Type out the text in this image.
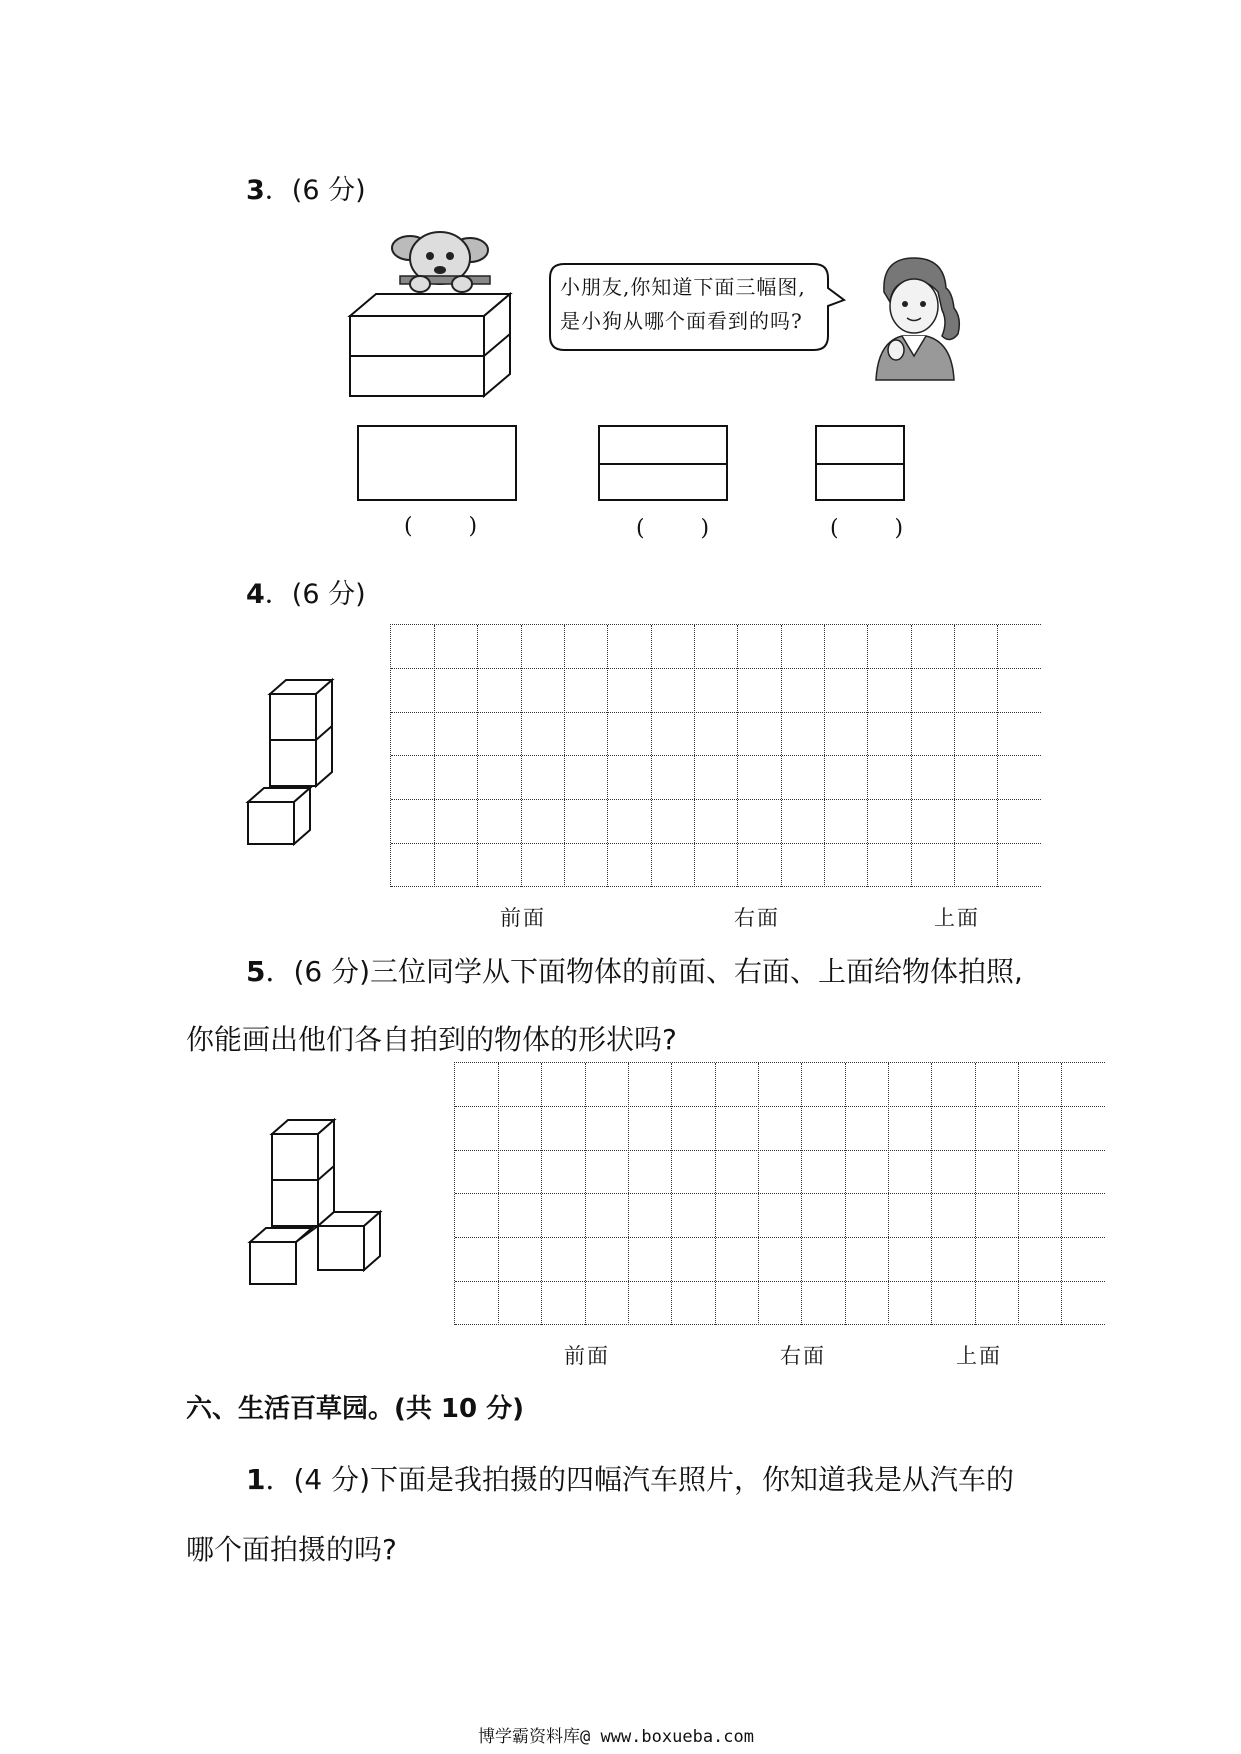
3．(6 分)
小朋友,你知道下面三幅图,
是小狗从哪个面看到的吗?
(        )	(        )	(        )
4．(6 分)
前面	右面	上面
5．(6 分)三位同学从下面物体的前面、右面、上面给物体拍照,
你能画出他们各自拍到的物体的形状吗?
前面	右面	上面
六、生活百草园。(共 10 分)
1．(4 分)下面是我拍摄的四幅汽车照片，你知道我是从汽车的
哪个面拍摄的吗?
博学霸资料库@ www.boxueba.com
